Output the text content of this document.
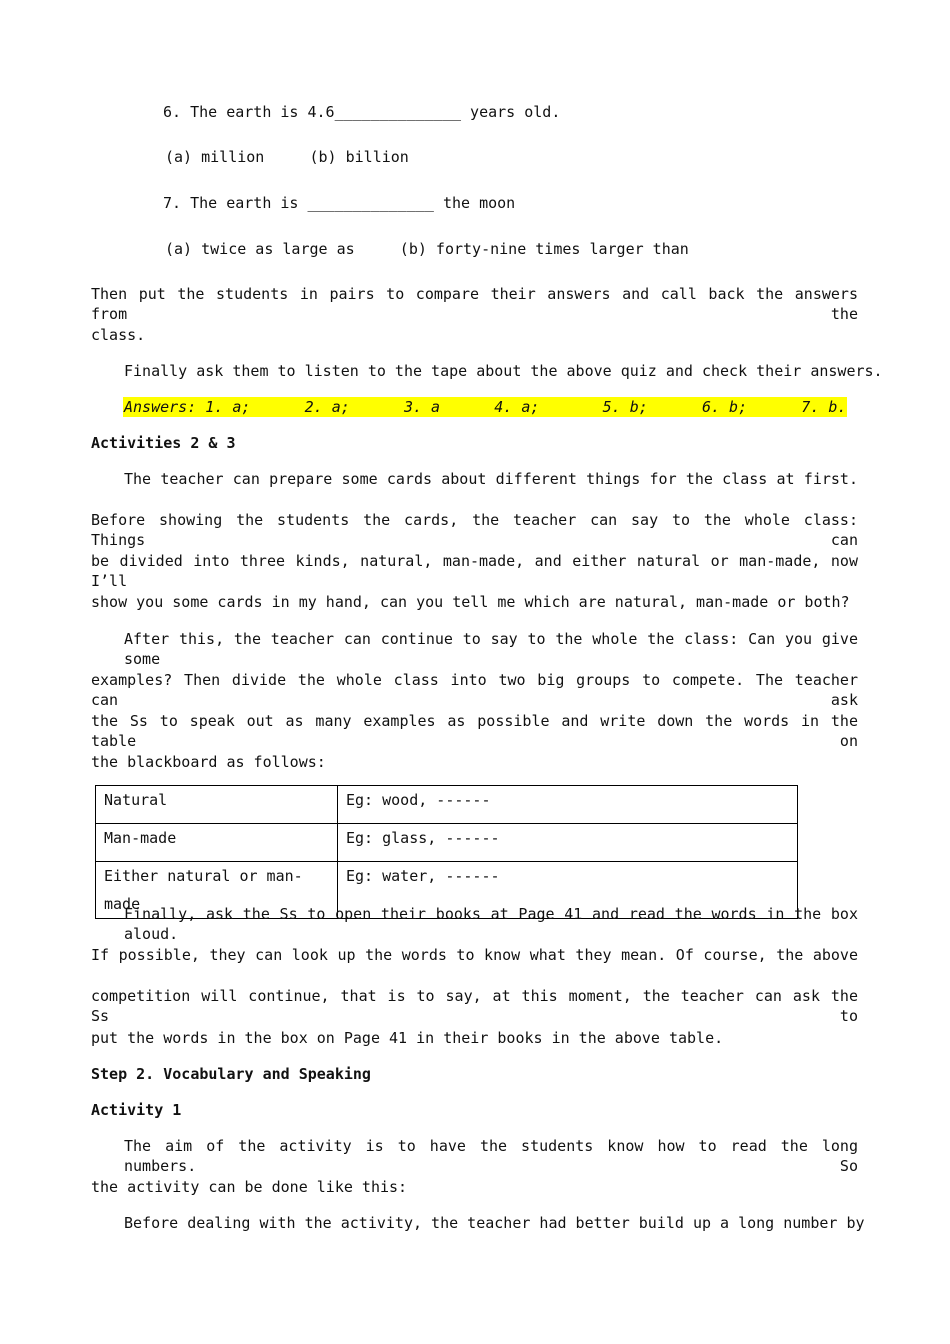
6. The earth is 4.6______________ years old.
(a) million     (b) billion
7. The earth is ______________ the moon
(a) twice as large as     (b) forty-nine times larger than
Then put the students in pairs to compare their answers and call back the answers from the
class.
Finally ask them to listen to the tape about the above quiz and check their answers.
Answers: 1. a;      2. a;      3. a      4. a;       5. b;      6. b;      7. b.
Activities 2 & 3
The teacher can prepare some cards about different things for the class at first.
Before showing the students the cards, the teacher can say to the whole class: Things can
be divided into three kinds, natural, man-made, and either natural or man-made, now I’ll
show you some cards in my hand, can you tell me which are natural, man-made or both?
After this, the teacher can continue to say to the whole the class: Can you give some
examples? Then divide the whole class into two big groups to compete. The teacher can ask
the Ss to speak out as many examples as possible and write down the words in the table on
the blackboard as follows:
Natural	Eg: wood, ------
Man-made	Eg: glass, ------
Either natural or man-made	Eg: water, ------
Finally, ask the Ss to open their books at Page 41 and read the words in the box aloud.
If possible, they can look up the words to know what they mean. Of course, the above
competition will continue, that is to say, at this moment, the teacher can ask the Ss to
put the words in the box on Page 41 in their books in the above table.
Step 2. Vocabulary and Speaking
Activity 1
The aim of the activity is to have the students know how to read the long numbers. So
the activity can be done like this:
Before dealing with the activity, the teacher had better build up a long number by
